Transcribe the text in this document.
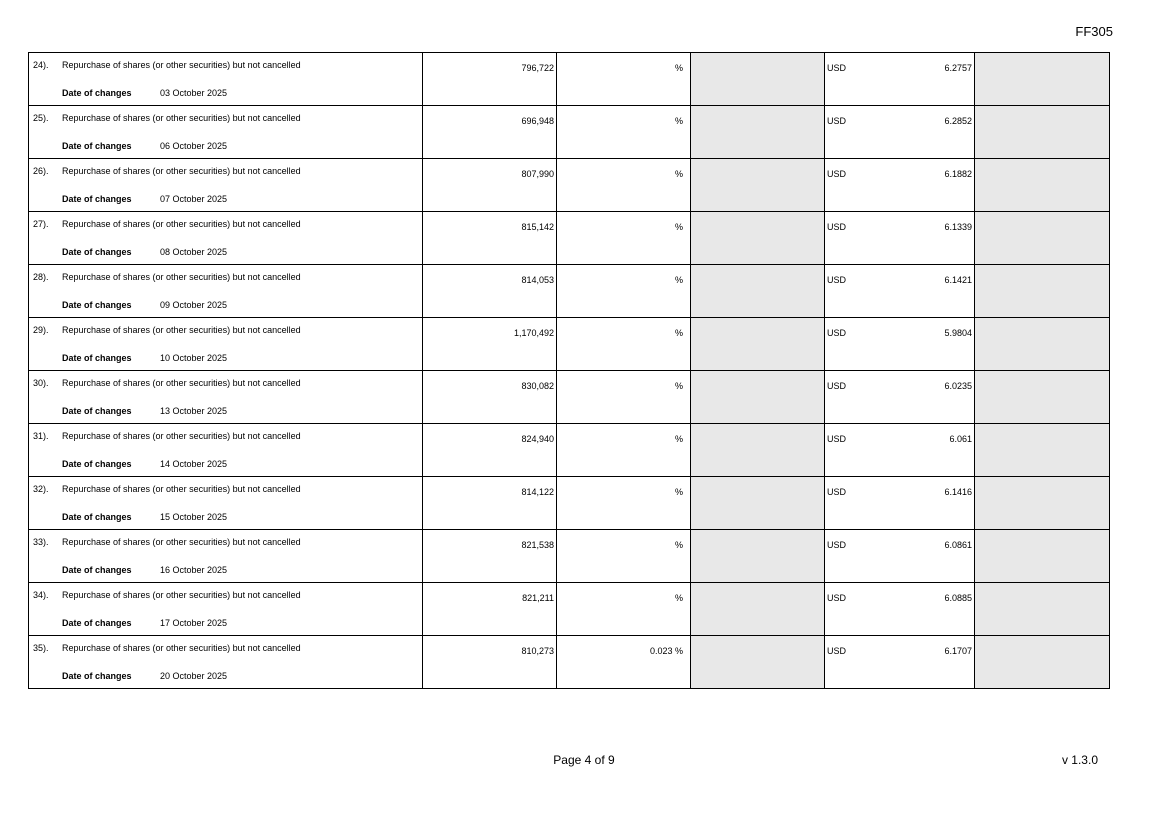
FF305
24). Repurchase of shares (or other securities) but not cancelled
Date of changes 03 October 2025	796,722	%		USD 6.2757	

25). Repurchase of shares (or other securities) but not cancelled
Date of changes 06 October 2025	696,948	%		USD 6.2852	

26). Repurchase of shares (or other securities) but not cancelled
Date of changes 07 October 2025	807,990	%		USD 6.1882	

27). Repurchase of shares (or other securities) but not cancelled
Date of changes 08 October 2025	815,142	%		USD 6.1339	

28). Repurchase of shares (or other securities) but not cancelled
Date of changes 09 October 2025	814,053	%		USD 6.1421	

29). Repurchase of shares (or other securities) but not cancelled
Date of changes 10 October 2025	1,170,492	%		USD 5.9804	

30). Repurchase of shares (or other securities) but not cancelled
Date of changes 13 October 2025	830,082	%		USD 6.0235	

31). Repurchase of shares (or other securities) but not cancelled
Date of changes 14 October 2025	824,940	%		USD 6.061	

32). Repurchase of shares (or other securities) but not cancelled
Date of changes 15 October 2025	814,122	%		USD 6.1416	

33). Repurchase of shares (or other securities) but not cancelled
Date of changes 16 October 2025	821,538	%		USD 6.0861	

34). Repurchase of shares (or other securities) but not cancelled
Date of changes 17 October 2025	821,211	%		USD 6.0885	

35). Repurchase of shares (or other securities) but not cancelled
Date of changes 20 October 2025	810,273	0.023 %		USD 6.1707	

Page 4 of 9	v 1.3.0
